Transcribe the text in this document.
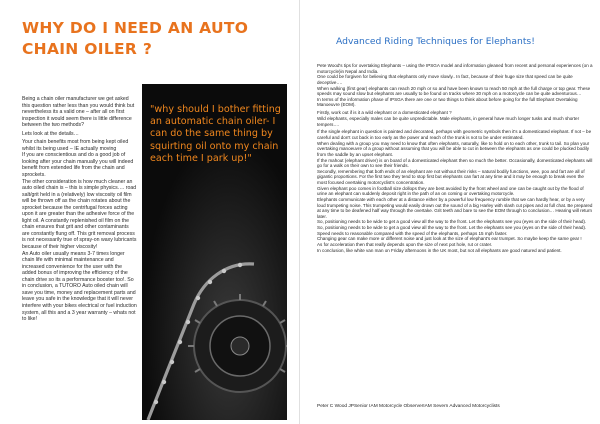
WHY DO I NEED AN AUTO CHAIN OILER ?

Being a chain oiler manufacturer we get asked this question rather less than you would think but nevertheless its a valid one – after all on first inspection it would seem there is little difference between the two methods?

Lets look at the details…

Your chain benefits most from being kept oiled whilst its being used – IE actually moving
If you are conscientious and do a good job of looking after your chain manually you will indeed benefit from extended life from the chain and sprockets.
The other consideration is how much cleaner an auto oiled chain is – this is simple physics…. road salt/grit held in a (relatively) low viscosity oil film will be thrown off as the chain rotates about the sprocket because the centrifugal forces acting upon it are greater than the adhesive force of the light oil. A constantly replenished oil film on the chain ensures that grit and other contaminants are constantly flung off. This grit removal process is not necessarily true of spray-on waxy lubricants because of their higher viscosity!
An Auto oiler usually means 3-7 times longer chain life with minimal maintenance and increased convenience for the user with the added bonus of improving the efficiency of the chain drive so its a performance booster too!. So in conclusion, a TUTORO Auto oiled chain will save you time, money and replacement parts and leave you safe in the knowledge that it will never interfere with your bikes electrical or fuel induction system, all this and a 3 year warranty – whats not to like!

"why should I bother fitting an automatic chain oiler- I can do the same thing by squirting oil onto my chain each time I park up!"
Advanced Riding Techniques for Elephants!

Pete Wood's tips for overtaking Elephants – using the IPSGA model and information gleaned from recent and personal experiences (on a motorcycle)in Nepal and India.
One could be forgiven for believing that elephants only move slowly.. In fact, because of their huge size that speed can be quite deceptive….
When walking (first gear) elephants can reach 20 mph or so and have been known to reach 50 mph at the full charge or top gear. These speeds may sound slow but elephants are usually to be found on tracks where 30 mph on a motorcycle can be quite adventurous…
In terms of the information phase of IPSGA there are one or two things to think about before going for the full Elephant Overtaking Manoeuvre (EOM).

Firstly, work out if is it a wild elephant or a domesticated elephant ?
Wild elephants, especially males can be quite unpredictable. Male elephants, in general have much longer tusks and much shorter tempers….

If the single elephant in question is painted and decorated, perhaps with geometric symbols then it's a domesticated elephant. If not – be careful and don't cut back in too early as the power and reach of the trunk is not to be under estimated.
When dealing with a group you may need to know that often elephants, naturally, like to hold on to each other, trunk to tail. So plan your overtaking manoeuvre of a group without assuming that you will be able to cut in between the elephants as one could be plucked bodily from the saddle by an upset elephant.
If the mahout (elephant driver) is on board of a domesticated elephant then so much the better. Occasionally, domesticated elephants will go for a walk on their own to see their friends.
Secondly, remembering that both ends of an elephant are not without their risks – natural bodily functions, wee, poo and fart are all of gigantic proportions. For the first two they tend to stop first but elephants can fart at any time and it may be enough to break even the most focused overtaking motorcyclist's concentration.
Given elephant poo comes in football size dollops they are best avoided by the front wheel and one can be caught out by the flood of urine an elephant can suddenly deposit right in the path of an on coming or overtaking motorcycle.
Elephants communicate with each other at a distance either by a powerful low frequency rumble that we can hardly hear, or by a very loud trumpeting noise. This trumpeting would easily drown out the sound of a big Harley with slash cut pipes and at full chat. Be prepared at any time to be deafened half way through the overtake. Grit teeth and bare to see the EOM through to conclusion… Hearing will return later.
So, positioning needs to be wide to get a good view all the way to the front. Let the elephants see you (eyes on the side of their head).
So, positioning needs to be wide to get a good view all the way to the front. Let the elephants see you (eyes on the side of their head).
Speed needs to reasonable compared with the speed of the elephants, perhaps 15 mph faster.
Changing gear can make more or different noise and just look at the size of elephant's ear trumpet. So maybe keep the same gear !
As for acceleration then that really depends upon the size of next pot hole, rut or crater.
In conclusion, like white van man on Friday afternoons in the UK most, but not all elephants are good natured and patient.

Peter C Wood JPSenior IAM Motorcycle ObserverIAM Severn Advanced Motorcyclists
